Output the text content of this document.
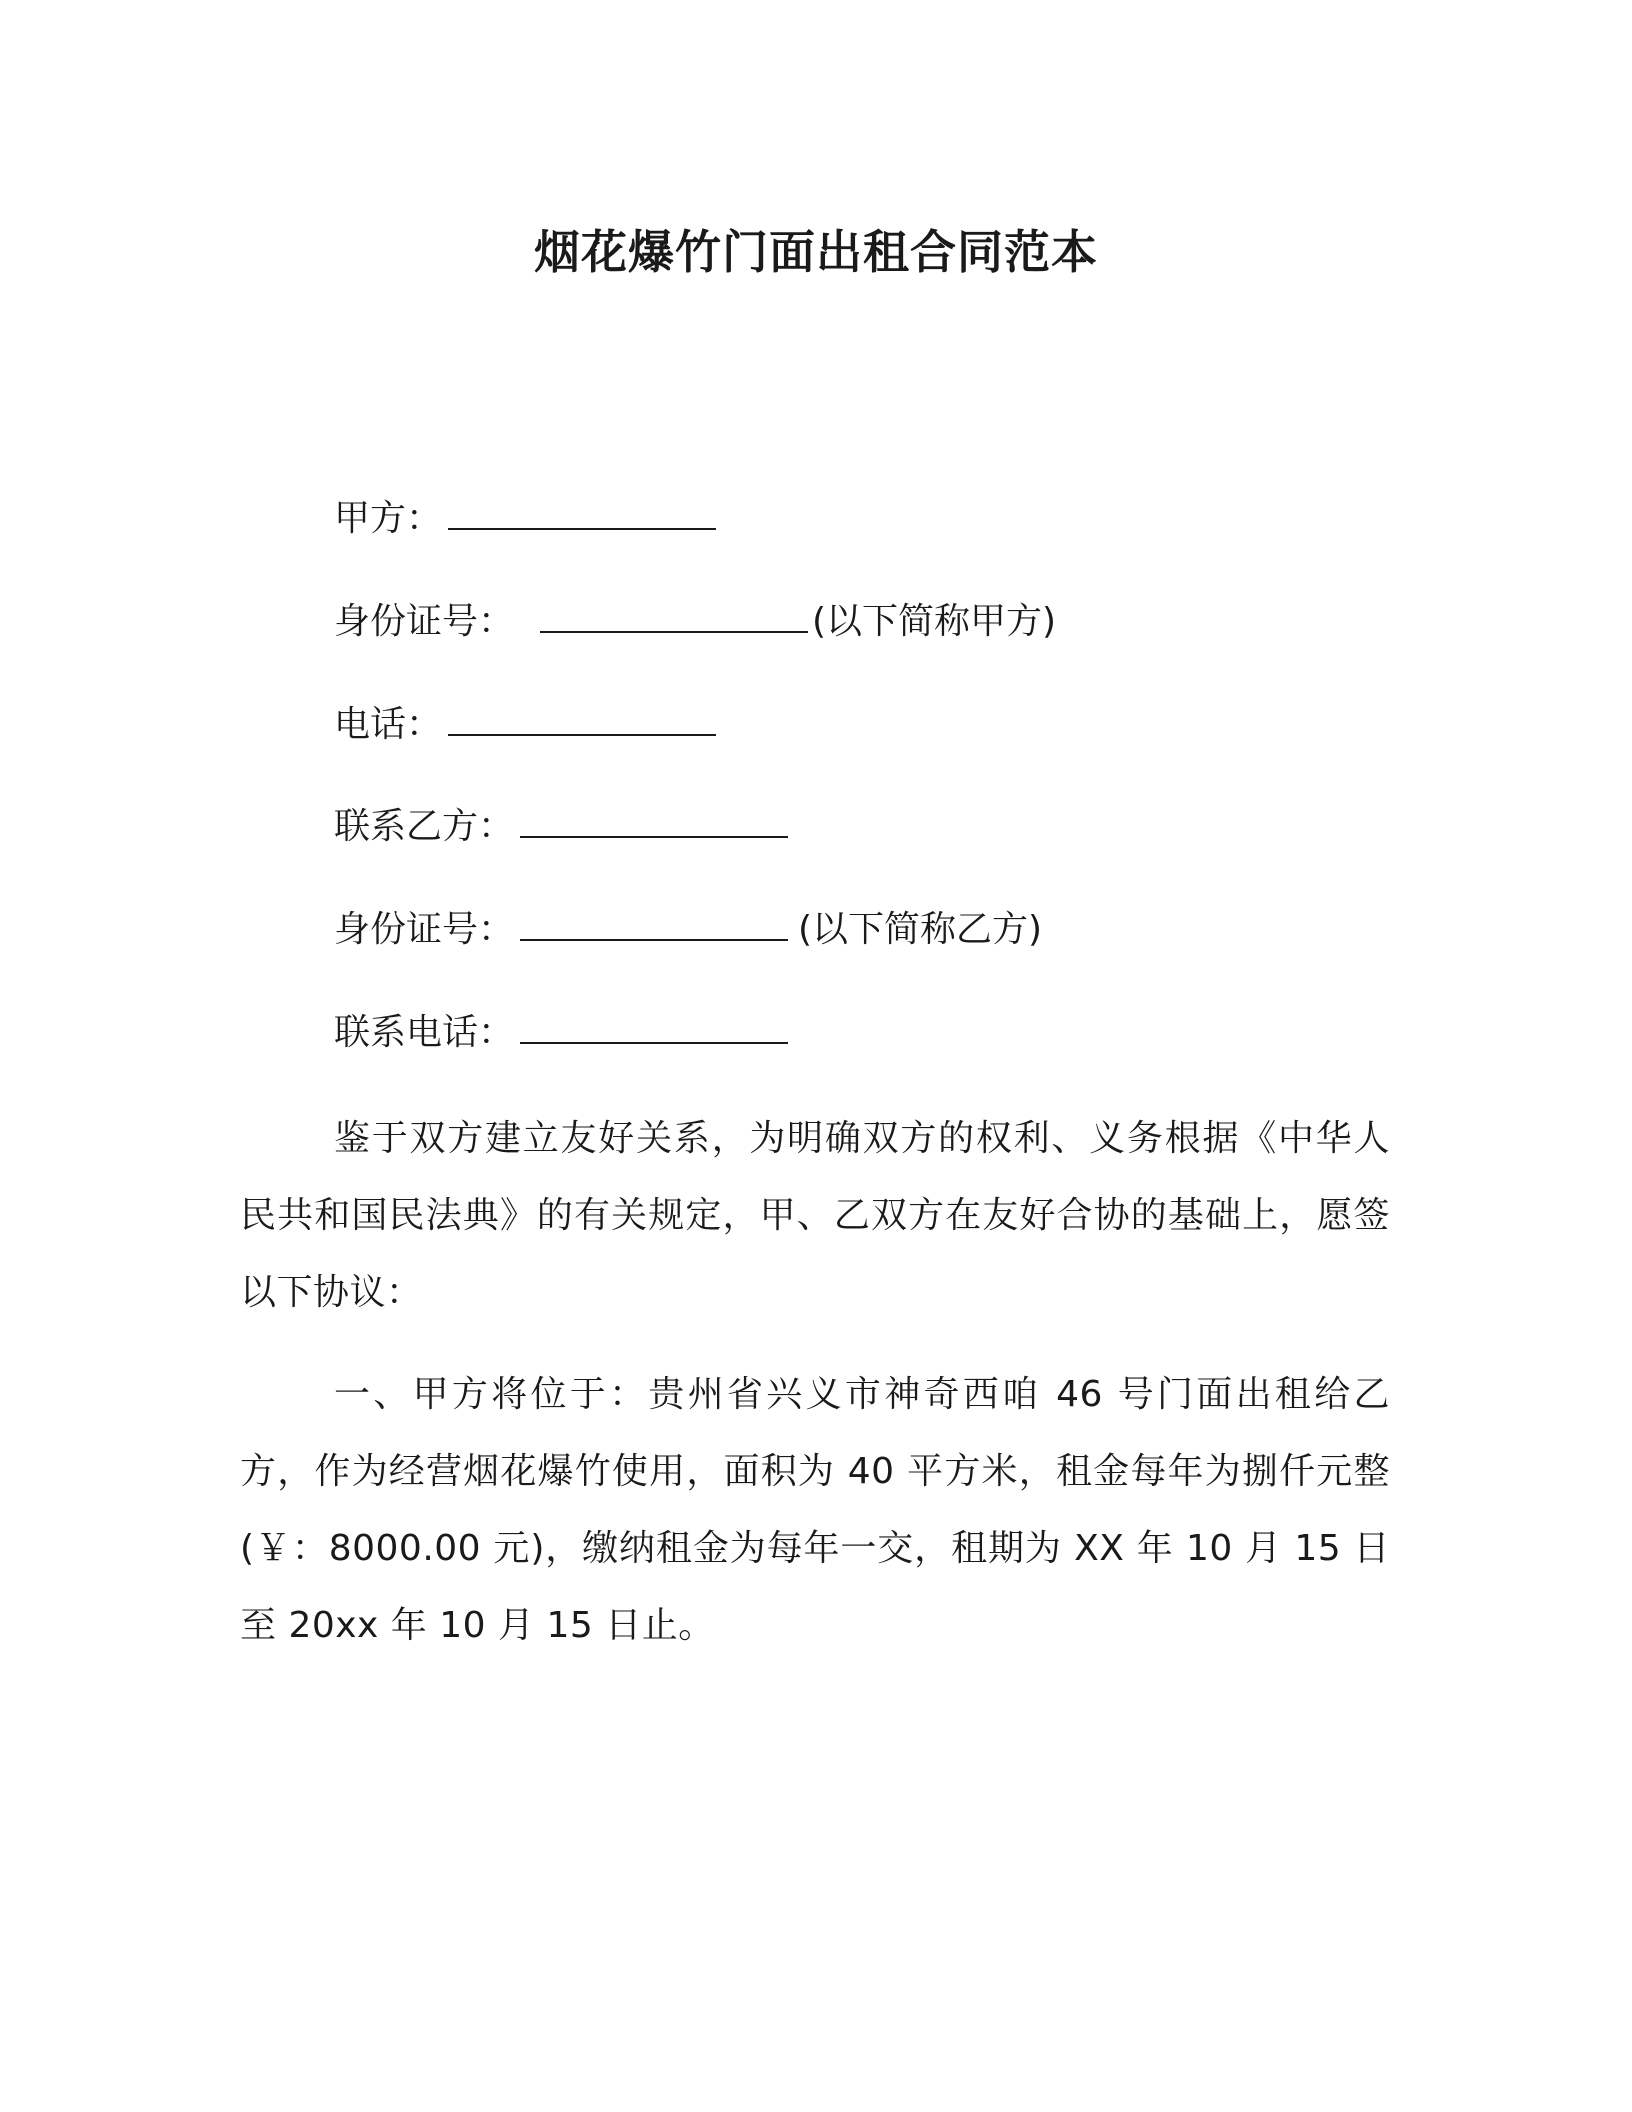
烟花爆竹门面出租合同范本
甲方：
身份证号：	(以下简称甲方)
电话：
联系乙方：
身份证号：	(以下简称乙方)
联系电话：
鉴于双方建立友好关系，为明确双方的权利、义务根据《中华人民共和国民法典》的有关规定，甲、乙双方在友好合协的基础上，愿签以下协议：
一、甲方将位于：贵州省兴义市神奇西咱 46 号门面出租给乙方，作为经营烟花爆竹使用，面积为 40 平方米，租金每年为捌仟元整(￥：8000.00 元)，缴纳租金为每年一交，租期为 XX 年 10 月 15 日至 20xx 年 10 月 15 日止。
